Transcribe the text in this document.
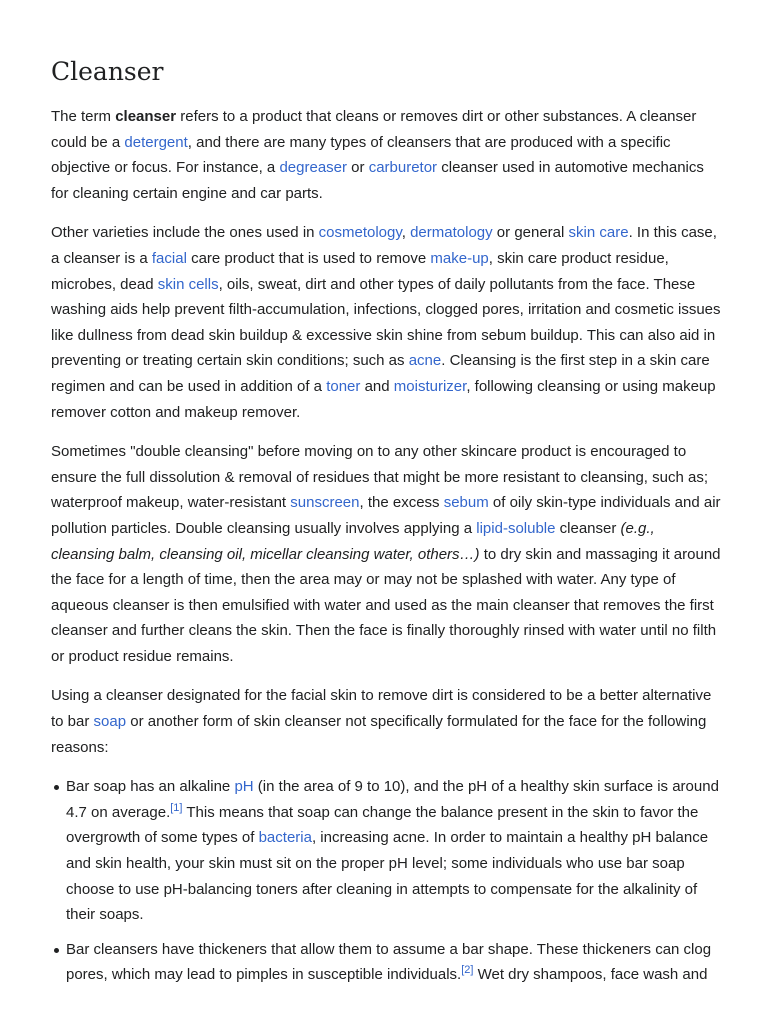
Cleanser

The term cleanser refers to a product that cleans or removes dirt or other substances. A cleanser could be a detergent, and there are many types of cleansers that are produced with a specific objective or focus. For instance, a degreaser or carburetor cleanser used in automotive mechanics for cleaning certain engine and car parts.

Other varieties include the ones used in cosmetology, dermatology or general skin care. In this case, a cleanser is a facial care product that is used to remove make-up, skin care product residue, microbes, dead skin cells, oils, sweat, dirt and other types of daily pollutants from the face. These washing aids help prevent filth-accumulation, infections, clogged pores, irritation and cosmetic issues like dullness from dead skin buildup & excessive skin shine from sebum buildup. This can also aid in preventing or treating certain skin conditions; such as acne. Cleansing is the first step in a skin care regimen and can be used in addition of a toner and moisturizer, following cleansing or using makeup remover cotton and makeup remover.

Sometimes "double cleansing" before moving on to any other skincare product is encouraged to ensure the full dissolution & removal of residues that might be more resistant to cleansing, such as; waterproof makeup, water-resistant sunscreen, the excess sebum of oily skin-type individuals and air pollution particles. Double cleansing usually involves applying a lipid-soluble cleanser (e.g., cleansing balm, cleansing oil, micellar cleansing water, others…) to dry skin and massaging it around the face for a length of time, then the area may or may not be splashed with water. Any type of aqueous cleanser is then emulsified with water and used as the main cleanser that removes the first cleanser and further cleans the skin. Then the face is finally thoroughly rinsed with water until no filth or product residue remains.

Using a cleanser designated for the facial skin to remove dirt is considered to be a better alternative to bar soap or another form of skin cleanser not specifically formulated for the face for the following reasons:

Bar soap has an alkaline pH (in the area of 9 to 10), and the pH of a healthy skin surface is around 4.7 on average.[1] This means that soap can change the balance present in the skin to favor the overgrowth of some types of bacteria, increasing acne. In order to maintain a healthy pH balance and skin health, your skin must sit on the proper pH level; some individuals who use bar soap choose to use pH-balancing toners after cleaning in attempts to compensate for the alkalinity of their soaps.
Bar cleansers have thickeners that allow them to assume a bar shape. These thickeners can clog pores, which may lead to pimples in susceptible individuals.[2] Wet dry shampoos, face wash and
